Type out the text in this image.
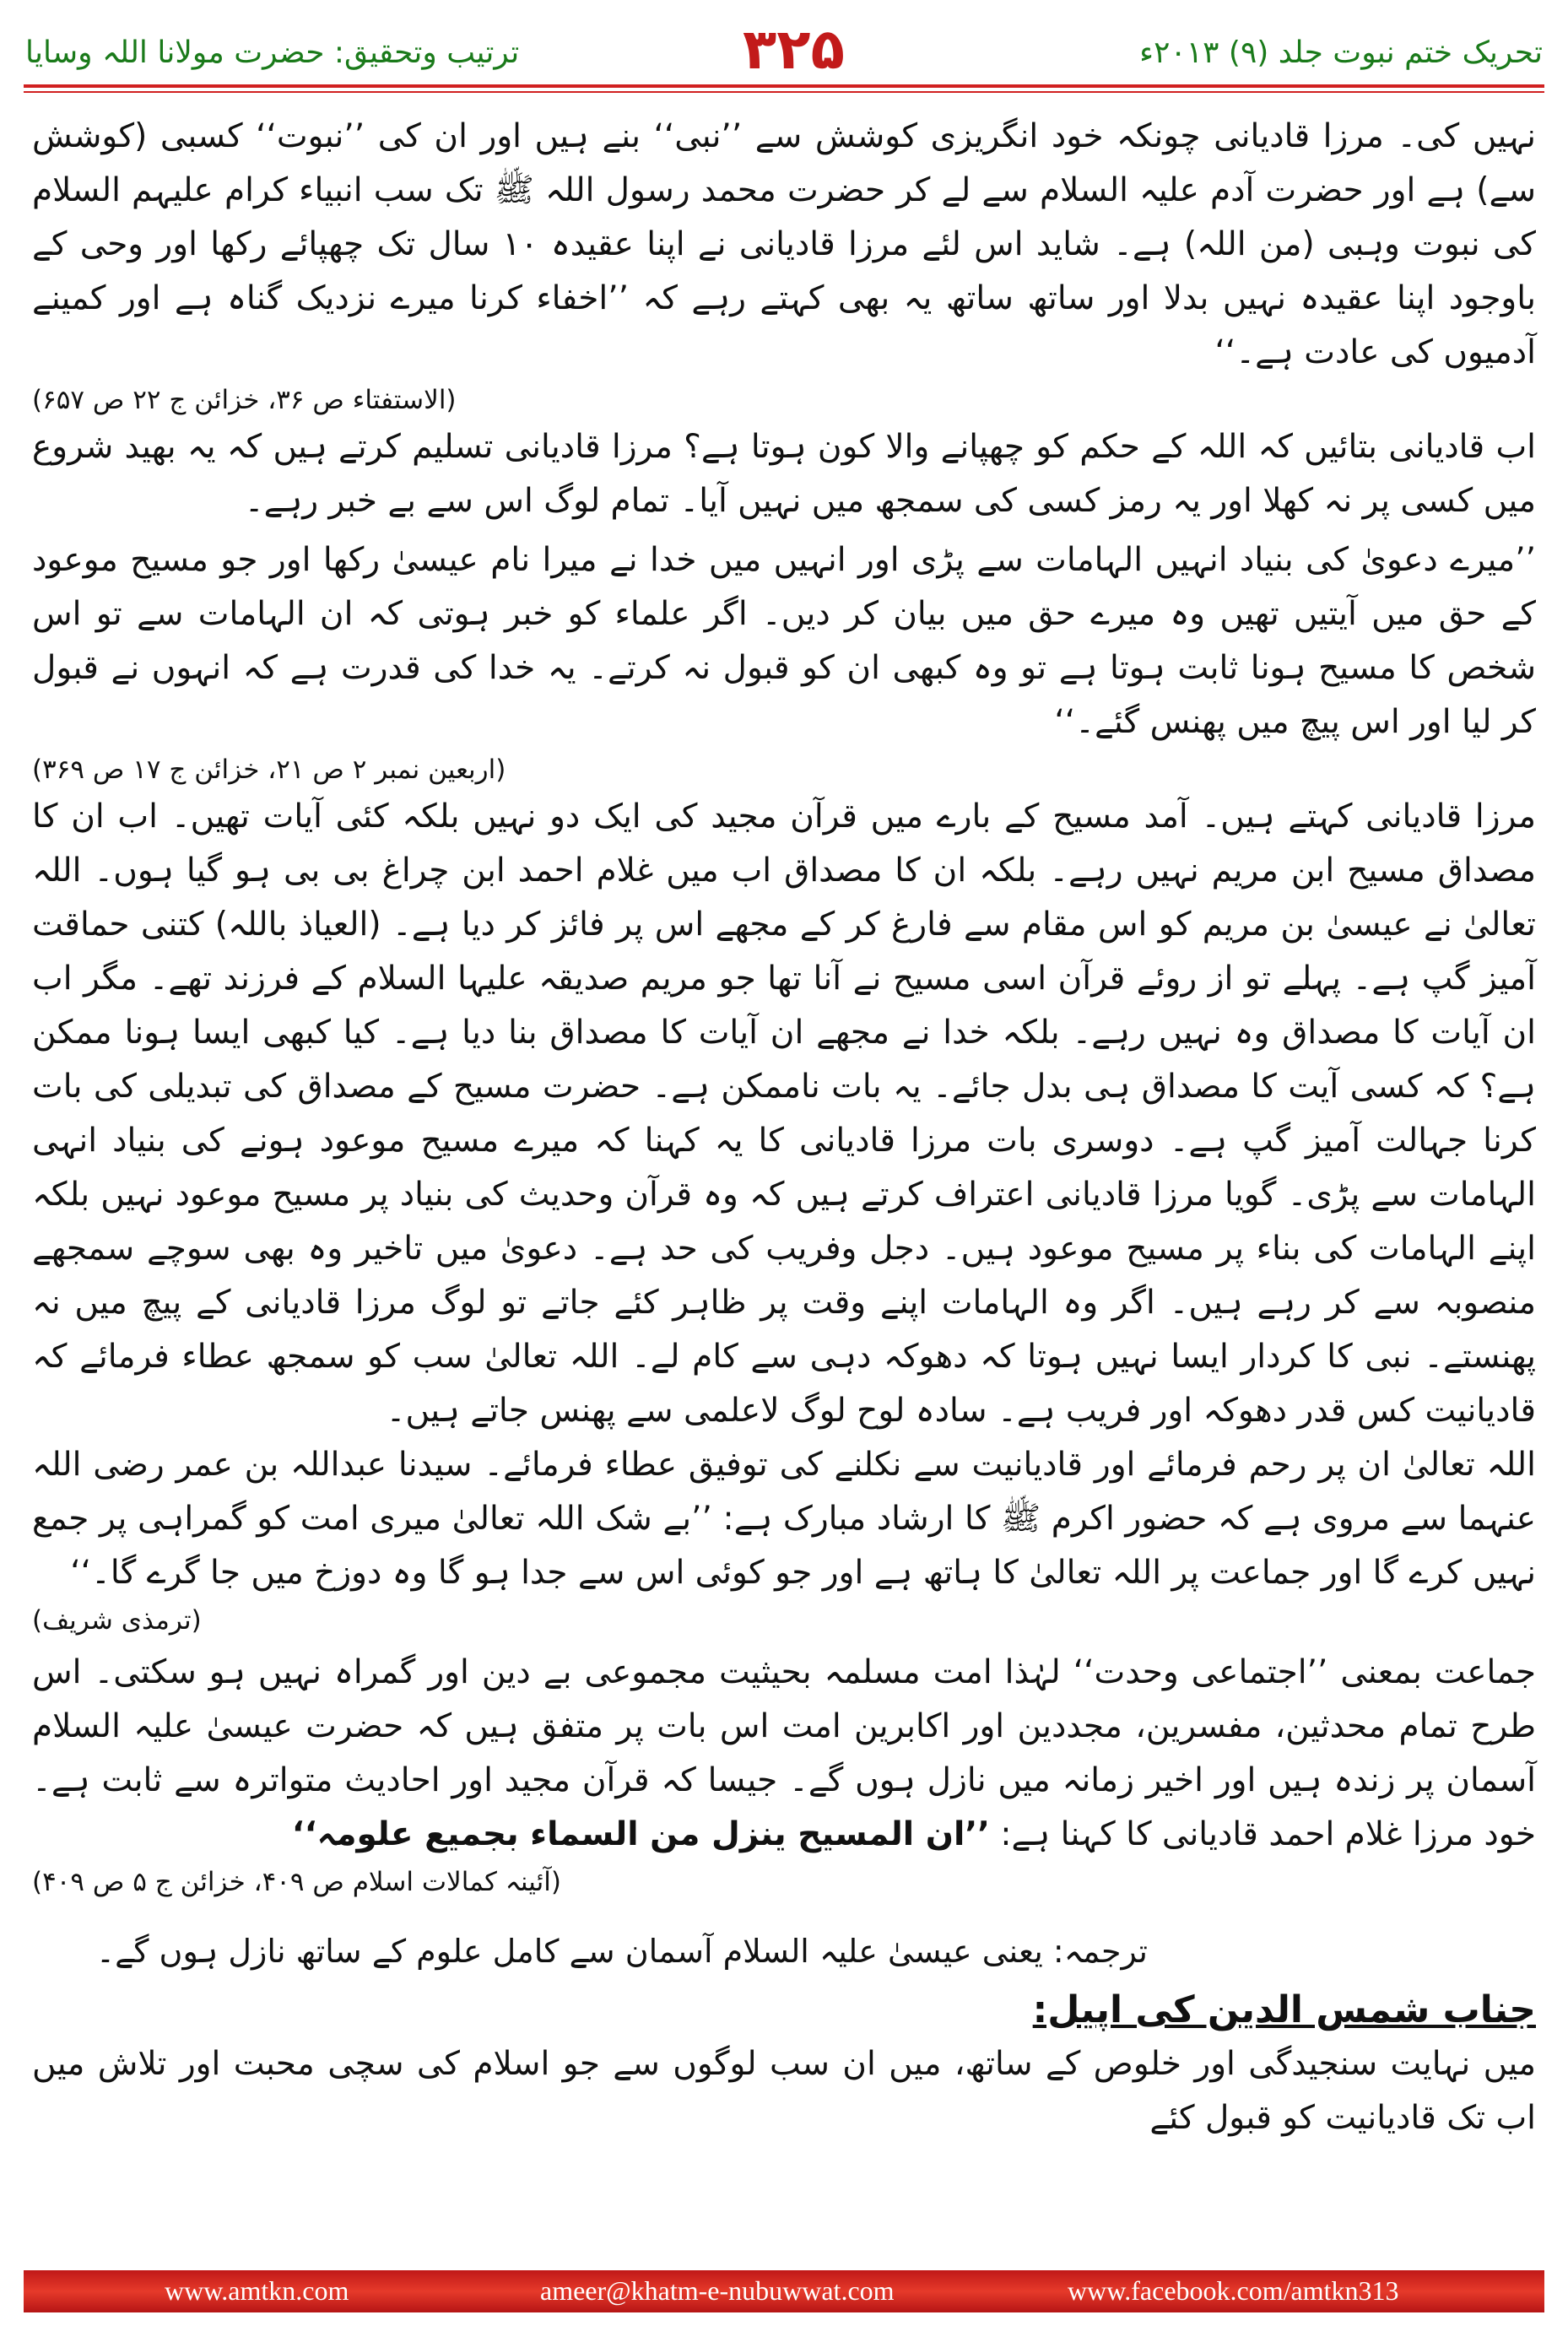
ترتیب وتحقیق: حضرت مولانا اللہ وسایا	۳۲۵	تحریک ختم نبوت جلد (۹) ۲۰۱۳ء

نہیں کی۔ مرزا قادیانی چونکہ خود انگریزی کوشش سے ’’نبی‘‘ بنے ہیں اور ان کی ’’نبوت‘‘ کسبی (کوشش سے) ہے اور حضرت آدم علیہ السلام سے لے کر حضرت محمد رسول اللہ ﷺ تک سب انبیاء کرام علیہم السلام کی نبوت وہبی (من اللہ) ہے۔ شاید اس لئے مرزا قادیانی نے اپنا عقیدہ ۱۰ سال تک چھپائے رکھا اور وحی کے باوجود اپنا عقیدہ نہیں بدلا اور ساتھ ساتھ یہ بھی کہتے رہے کہ ’’اخفاء کرنا میرے نزدیک گناہ ہے اور کمینے آدمیوں کی عادت ہے۔‘‘

(الاستفتاء ص ۳۶، خزائن ج ۲۲ ص ۶۵۷)

اب قادیانی بتائیں کہ اللہ کے حکم کو چھپانے والا کون ہوتا ہے؟ مرزا قادیانی تسلیم کرتے ہیں کہ یہ بھید شروع میں کسی پر نہ کھلا اور یہ رمز کسی کی سمجھ میں نہیں آیا۔ تمام لوگ اس سے بے خبر رہے۔

’’میرے دعویٰ کی بنیاد انہیں الہامات سے پڑی اور انہیں میں خدا نے میرا نام عیسیٰ رکھا اور جو مسیح موعود کے حق میں آیتیں تھیں وہ میرے حق میں بیان کر دیں۔ اگر علماء کو خبر ہوتی کہ ان الہامات سے تو اس شخص کا مسیح ہونا ثابت ہوتا ہے تو وہ کبھی ان کو قبول نہ کرتے۔ یہ خدا کی قدرت ہے کہ انہوں نے قبول کر لیا اور اس پیچ میں پھنس گئے۔‘‘

(اربعین نمبر ۲ ص ۲۱، خزائن ج ۱۷ ص ۳۶۹)

مرزا قادیانی کہتے ہیں۔ آمد مسیح کے بارے میں قرآن مجید کی ایک دو نہیں بلکہ کئی آیات تھیں۔ اب ان کا مصداق مسیح ابن مریم نہیں رہے۔ بلکہ ان کا مصداق اب میں غلام احمد ابن چراغ بی بی ہو گیا ہوں۔ اللہ تعالیٰ نے عیسیٰ بن مریم کو اس مقام سے فارغ کر کے مجھے اس پر فائز کر دیا ہے۔ (العیاذ باللہ) کتنی حماقت آمیز گپ ہے۔ پہلے تو از روئے قرآن اسی مسیح نے آنا تھا جو مریم صدیقہ علیہا السلام کے فرزند تھے۔ مگر اب ان آیات کا مصداق وہ نہیں رہے۔ بلکہ خدا نے مجھے ان آیات کا مصداق بنا دیا ہے۔ کیا کبھی ایسا ہونا ممکن ہے؟ کہ کسی آیت کا مصداق ہی بدل جائے۔ یہ بات ناممکن ہے۔ حضرت مسیح کے مصداق کی تبدیلی کی بات کرنا جہالت آمیز گپ ہے۔ دوسری بات مرزا قادیانی کا یہ کہنا کہ میرے مسیح موعود ہونے کی بنیاد انہی الہامات سے پڑی۔ گویا مرزا قادیانی اعتراف کرتے ہیں کہ وہ قرآن وحدیث کی بنیاد پر مسیح موعود نہیں بلکہ اپنے الہامات کی بناء پر مسیح موعود ہیں۔ دجل وفریب کی حد ہے۔ دعویٰ میں تاخیر وہ بھی سوچے سمجھے منصوبہ سے کر رہے ہیں۔ اگر وہ الہامات اپنے وقت پر ظاہر کئے جاتے تو لوگ مرزا قادیانی کے پیچ میں نہ پھنستے۔ نبی کا کردار ایسا نہیں ہوتا کہ دھوکہ دہی سے کام لے۔ اللہ تعالیٰ سب کو سمجھ عطاء فرمائے کہ قادیانیت کس قدر دھوکہ اور فریب ہے۔ سادہ لوح لوگ لاعلمی سے پھنس جاتے ہیں۔

اللہ تعالیٰ ان پر رحم فرمائے اور قادیانیت سے نکلنے کی توفیق عطاء فرمائے۔ سیدنا عبداللہ بن عمر رضی اللہ عنہما سے مروی ہے کہ حضور اکرم ﷺ کا ارشاد مبارک ہے: ’’بے شک اللہ تعالیٰ میری امت کو گمراہی پر جمع نہیں کرے گا اور جماعت پر اللہ تعالیٰ کا ہاتھ ہے اور جو کوئی اس سے جدا ہو گا وہ دوزخ میں جا گرے گا۔‘‘

(ترمذی شریف)

جماعت بمعنی ’’اجتماعی وحدت‘‘ لہٰذا امت مسلمہ بحیثیت مجموعی بے دین اور گمراہ نہیں ہو سکتی۔ اس طرح تمام محدثین، مفسرین، مجددین اور اکابرین امت اس بات پر متفق ہیں کہ حضرت عیسیٰ علیہ السلام آسمان پر زندہ ہیں اور اخیر زمانہ میں نازل ہوں گے۔ جیسا کہ قرآن مجید اور احادیث متواترہ سے ثابت ہے۔ خود مرزا غلام احمد قادیانی کا کہنا ہے: ’’ان المسیح ینزل من السماء بجمیع علومہ‘‘

(آئینہ کمالات اسلام ص ۴۰۹، خزائن ج ۵ ص ۴۰۹)

ترجمہ: یعنی عیسیٰ علیہ السلام آسمان سے کامل علوم کے ساتھ نازل ہوں گے۔

جناب شمس الدین کی اپیل:

میں نہایت سنجیدگی اور خلوص کے ساتھ، میں ان سب لوگوں سے جو اسلام کی سچی محبت اور تلاش میں اب تک قادیانیت کو قبول کئے

www.amtkn.com	ameer@khatm-e-nubuwwat.com	www.facebook.com/amtkn313
